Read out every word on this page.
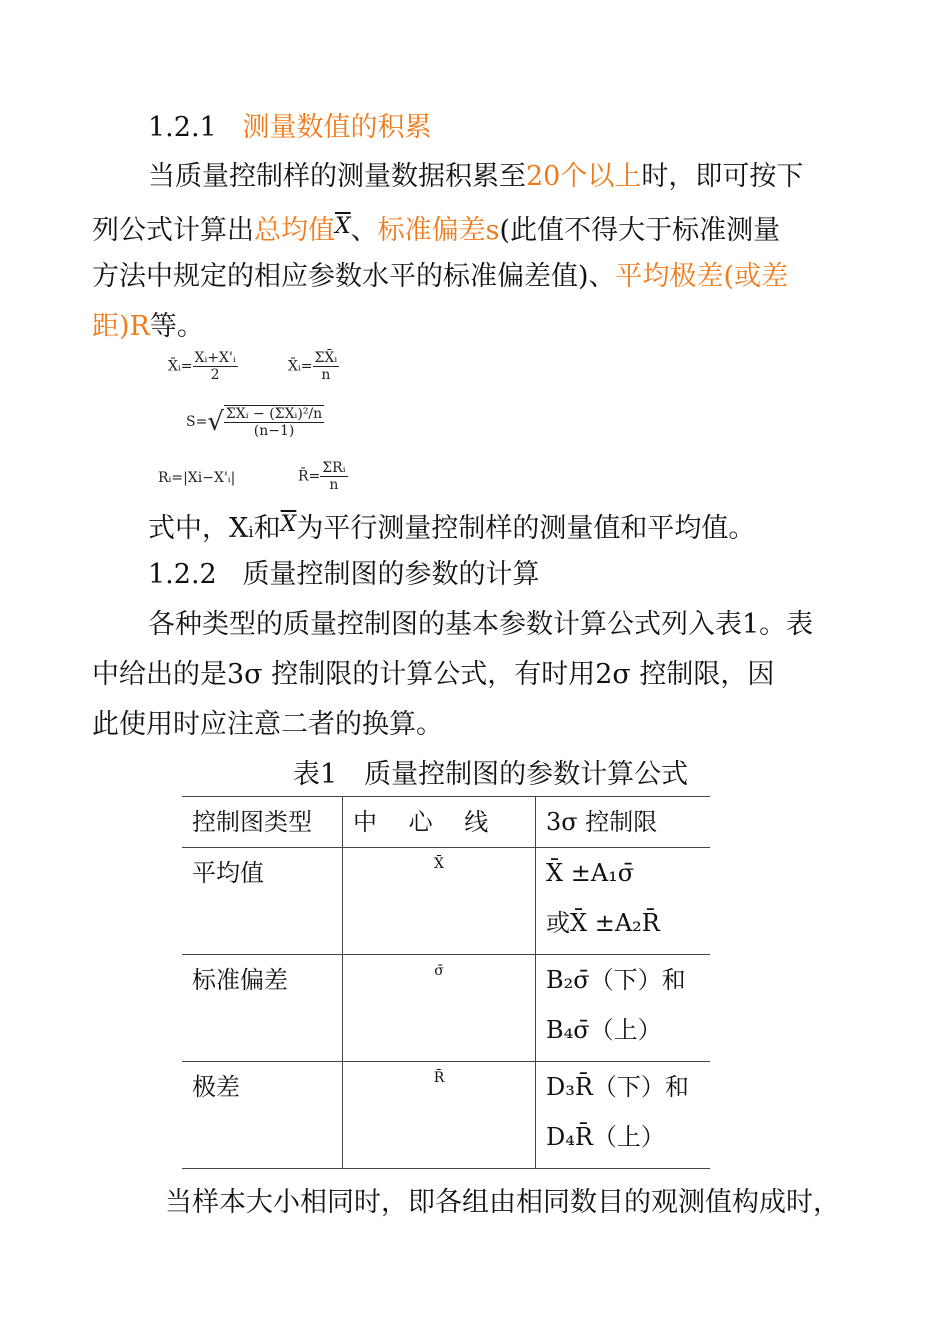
1.2.1 测量数值的积累
当质量控制样的测量数据积累至20个以上时，即可按下
列公式计算出总均值$^{\overline{X}}$、标准偏差s(此值不得大于标准测量
方法中规定的相应参数水平的标准偏差值)、平均极差(或差
距)R等。
X̄ᵢ= $\frac{\text{Xᵢ+X'ᵢ}}{2}$	X̄ᵢ= $\frac{\text{ΣX̄ᵢ}}{n}$
$S=√ \frac{\text{ΣX̄ᵢ − (ΣX̄ᵢ)²/n}}{(n-1)}$
Rᵢ=|Xi−X'ᵢ|	R̄= $\frac{\text{ΣRᵢ}}{n}$
式中，Xᵢ和$^{\overline{X}}$为平行测量控制样的测量值和平均值。
1.2.2 质量控制图的参数的计算
各种类型的质量控制图的基本参数计算公式列入表1。表
中给出的是3σ 控制限的计算公式，有时用2σ 控制限，因
此使用时应注意二者的换算。
表1　质量控制图的参数计算公式
控制图类型	中　 心　 线	3σ 控制限
平均值	X̄	X̄ ±A₁σ̄
或X̄ ±A₂R̄

标准偏差	σ̄	B₂σ̄（下）和
B₄σ̄（上）

极差	R̄	D₃R̄（下）和
D₄R̄（上）
当样本大小相同时，即各组由相同数目的观测值构成时，
